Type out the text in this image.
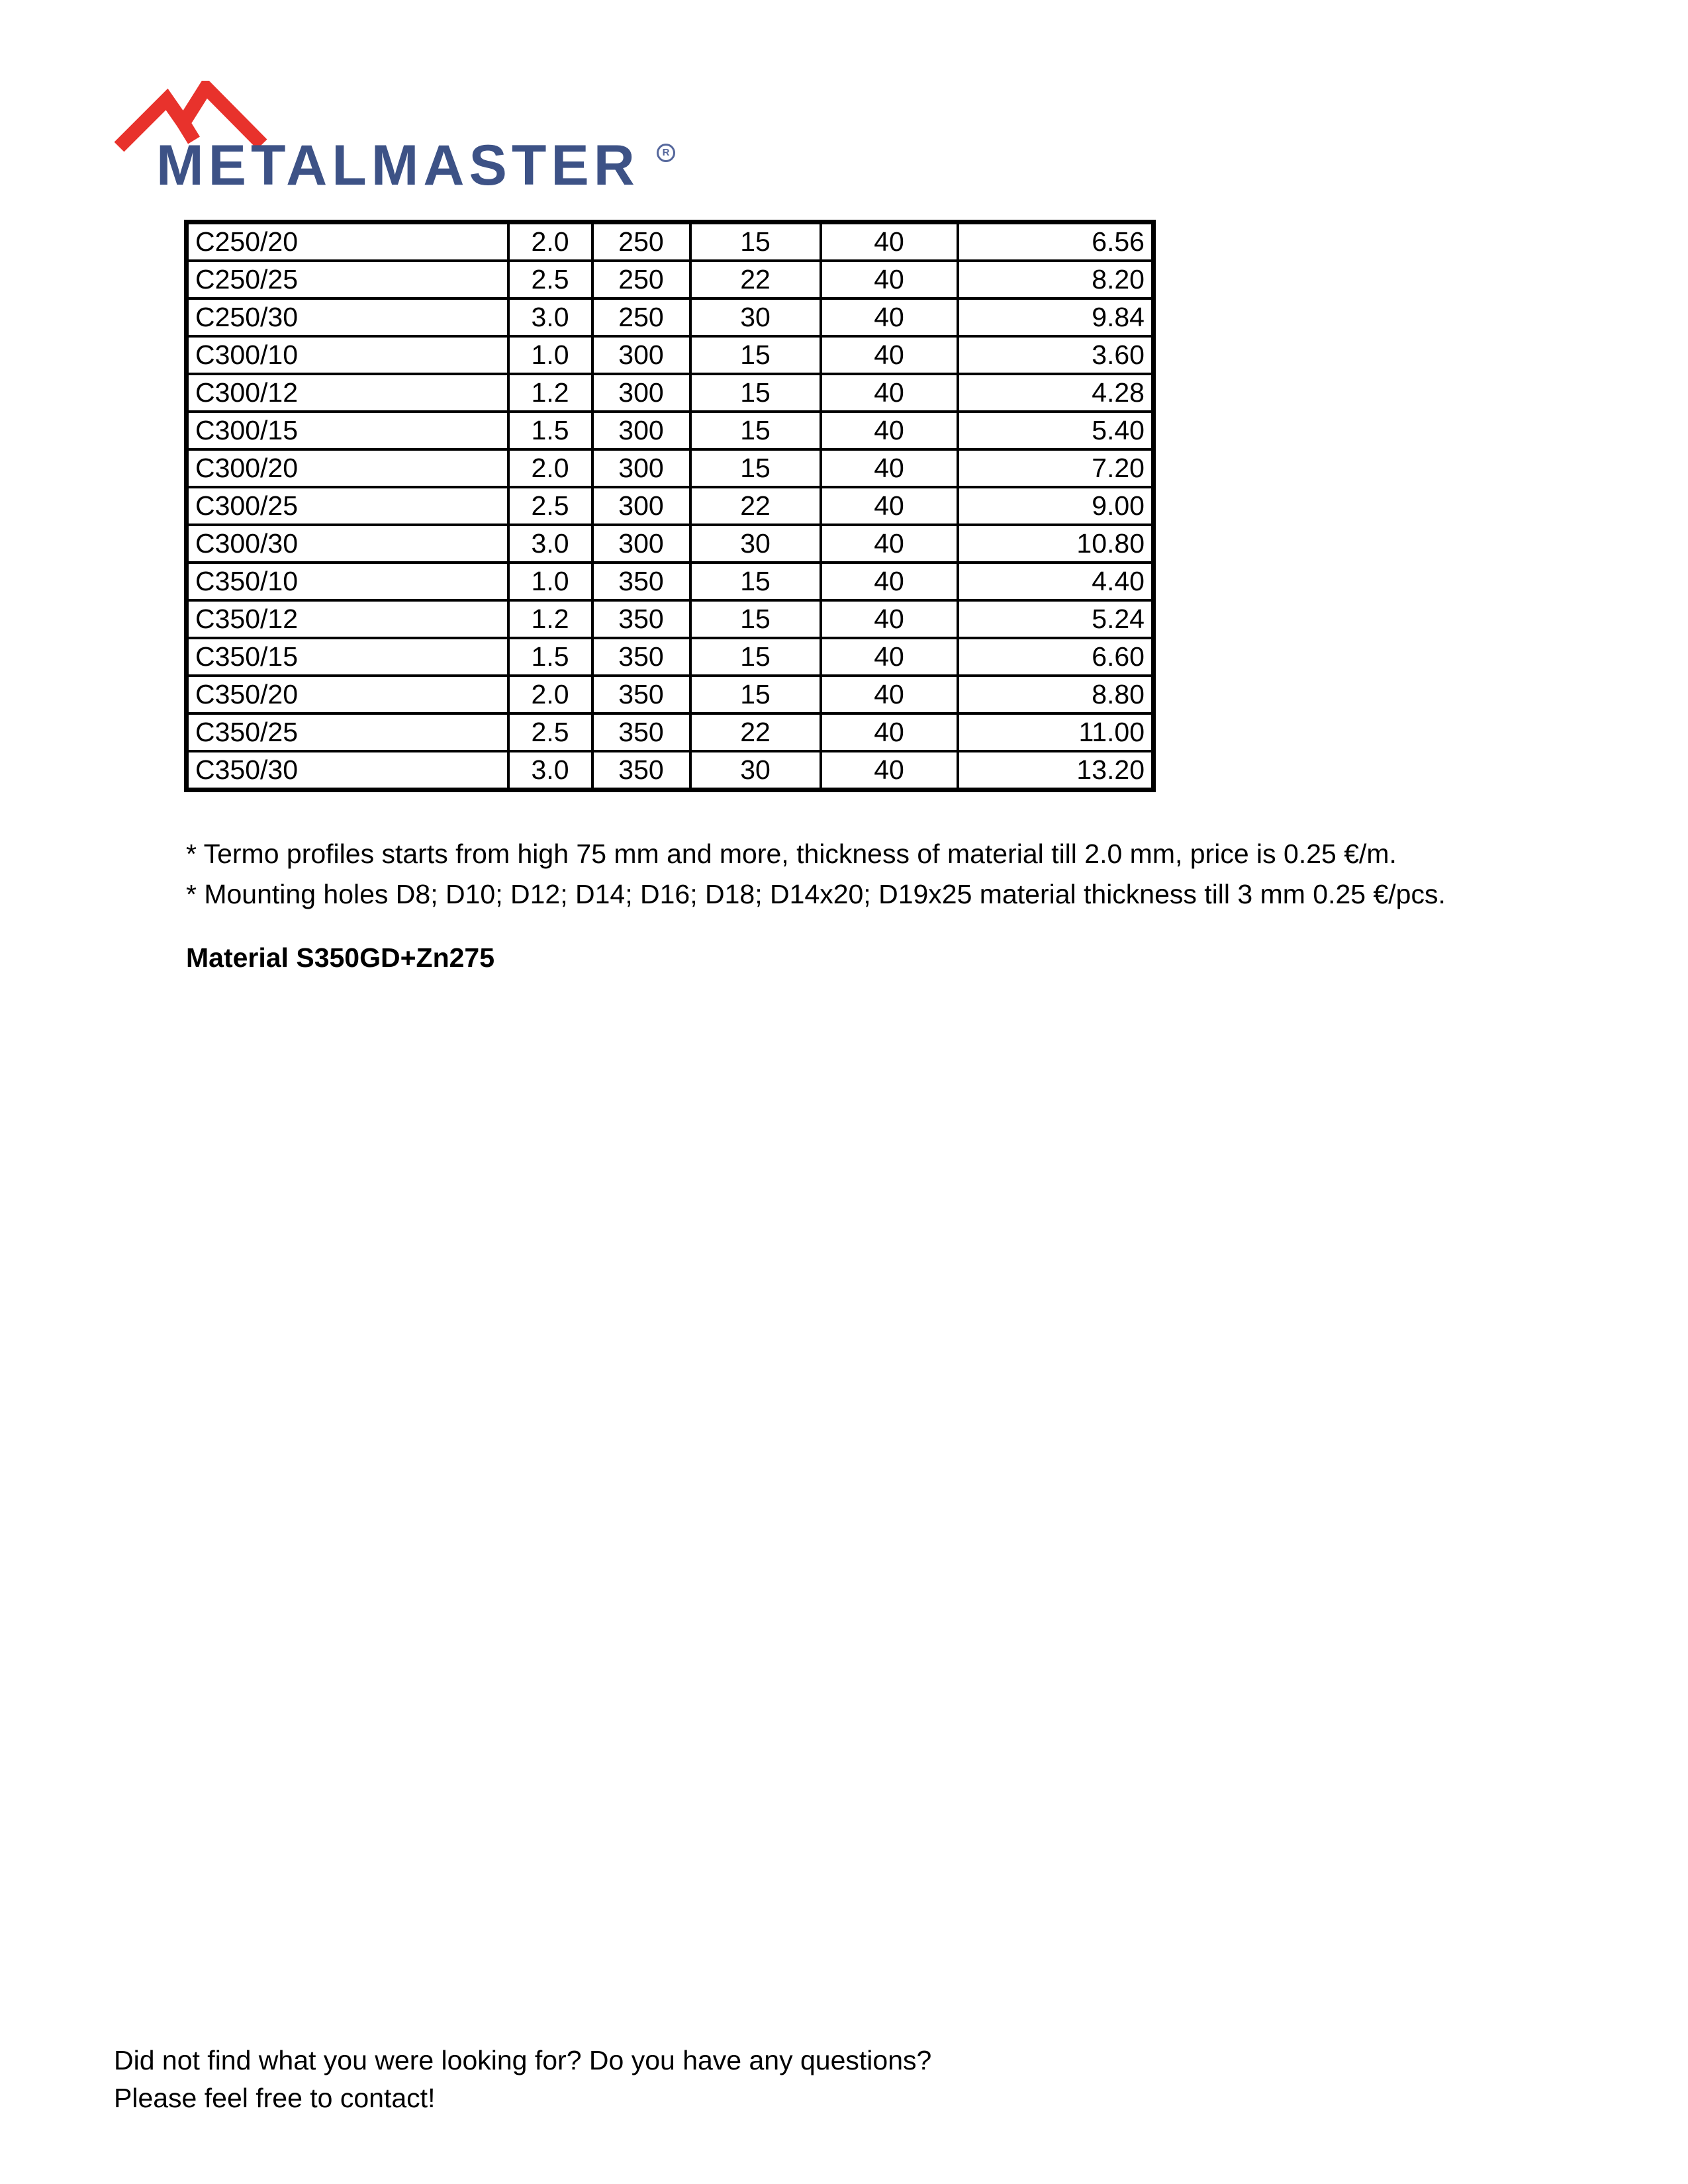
METALMASTER	R
C250/20	2.0	250	15	40	6.56
C250/25	2.5	250	22	40	8.20
C250/30	3.0	250	30	40	9.84
C300/10	1.0	300	15	40	3.60
C300/12	1.2	300	15	40	4.28
C300/15	1.5	300	15	40	5.40
C300/20	2.0	300	15	40	7.20
C300/25	2.5	300	22	40	9.00
C300/30	3.0	300	30	40	10.80
C350/10	1.0	350	15	40	4.40
C350/12	1.2	350	15	40	5.24
C350/15	1.5	350	15	40	6.60
C350/20	2.0	350	15	40	8.80
C350/25	2.5	350	22	40	11.00
C350/30	3.0	350	30	40	13.20
* Termo profiles starts from high 75 mm and more, thickness of material till 2.0 mm, price is 0.25 €/m.
* Mounting holes D8; D10; D12; D14; D16; D18; D14x20; D19x25 material thickness till 3 mm 0.25 €/pcs.
Material S350GD+Zn275
Did not find what you were looking for? Do you have any questions?
Please feel free to contact!
